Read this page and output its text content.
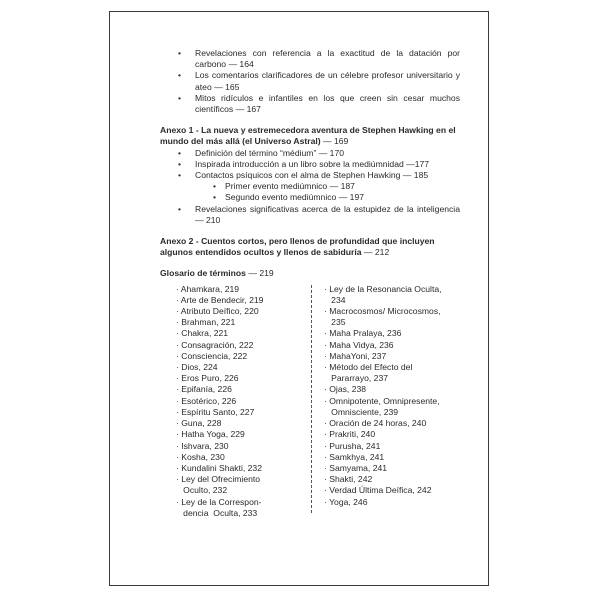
• Revelaciones con referencia a la exactitud de la datación por carbono — 164
• Los comentarios clarificadores de un célebre profesor universitario y ateo — 165
• Mitos ridículos e infantiles en los que creen sin cesar muchos científicos — 167
Anexo 1 - La nueva y estremecedora aventura de Stephen Hawking en el mundo del más allá (el Universo Astral) — 169
• Definición del término “médium” — 170
• Inspirada introducción a un libro sobre la mediúmnidad —177
• Contactos psíquicos con el alma de Stephen Hawking — 185
• Primer evento mediúmnico — 187
• Segundo evento mediúmnico — 197
• Revelaciones significativas acerca de la estupidez de la inteligencia — 210
Anexo 2 - Cuentos cortos, pero llenos de profundidad que incluyen algunos entendidos ocultos y llenos de sabiduría — 212
Glosario de términos — 219
· Ahamkara, 219
· Arte de Bendecir, 219
· Atributo Deífico, 220
· Brahman, 221
· Chakra, 221
· Consagración, 222
· Consciencia, 222
· Dios, 224
· Eros Puro, 226
· Epifanía, 226
· Esotérico, 226
· Espíritu Santo, 227
· Guna, 228
· Hatha Yoga, 229
· Ishvara, 230
· Kosha, 230
· Kundalini Shakti, 232
· Ley del Ofrecimiento
Oculto, 232
· Ley de la Correspon-
dencia  Oculta, 233
· Ley de la Resonancia Oculta,
234
· Macrocosmos/ Microcosmos,
235
· Maha Pralaya, 236
· Maha Vidya, 236
· MahaYoni, 237
· Método del Efecto del
Pararrayo, 237
· Ojas, 238
· Omnipotente, Omnipresente,
Omnisciente, 239
· Oración de 24 horas, 240
· Prakriti, 240
· Purusha, 241
· Samkhya, 241
· Samyama, 241
· Shakti, 242
· Verdad Última Deífica, 242
· Yoga, 246
